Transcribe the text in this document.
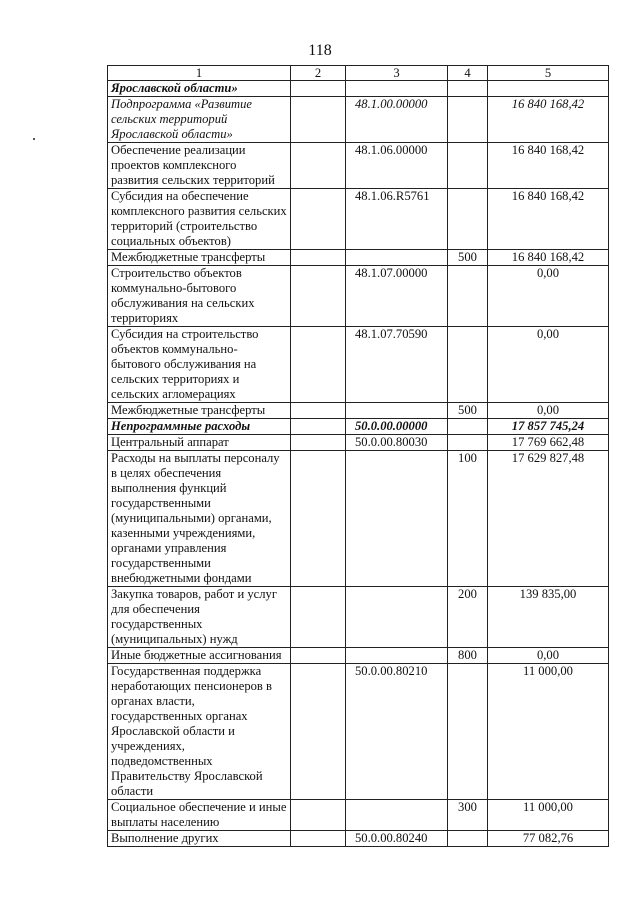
118
1	2	3	4	5
Ярославской области»				
Подпрограмма «Развитие сельских территорий Ярославской области»		48.1.00.00000		16 840 168,42
Обеспечение реализации проектов комплексного развития сельских территорий		48.1.06.00000		16 840 168,42
Субсидия на обеспечение комплексного развития сельских территорий (строительство социальных объектов)		48.1.06.R5761		16 840 168,42
Межбюджетные трансферты			500	16 840 168,42
Строительство объектов коммунально-бытового обслуживания на сельских территориях		48.1.07.00000		0,00
Субсидия на строительство объектов коммунально-бытового обслуживания на сельских территориях и сельских агломерациях		48.1.07.70590		0,00
Межбюджетные трансферты			500	0,00
Непрограммные расходы		50.0.00.00000		17 857 745,24
Центральный аппарат		50.0.00.80030		17 769 662,48
Расходы на выплаты персоналу в целях обеспечения выполнения функций государственными (муниципальными) органами, казенными учреждениями, органами управления государственными внебюджетными фондами			100	17 629 827,48
Закупка товаров, работ и услуг для обеспечения государственных (муниципальных) нужд			200	139 835,00
Иные бюджетные ассигнования			800	0,00
Государственная поддержка неработающих пенсионеров в органах власти, государственных органах Ярославской области и учреждениях, подведомственных Правительству Ярославской области		50.0.00.80210		11 000,00
Социальное обеспечение и иные выплаты населению			300	11 000,00
Выполнение других		50.0.00.80240		77 082,76
